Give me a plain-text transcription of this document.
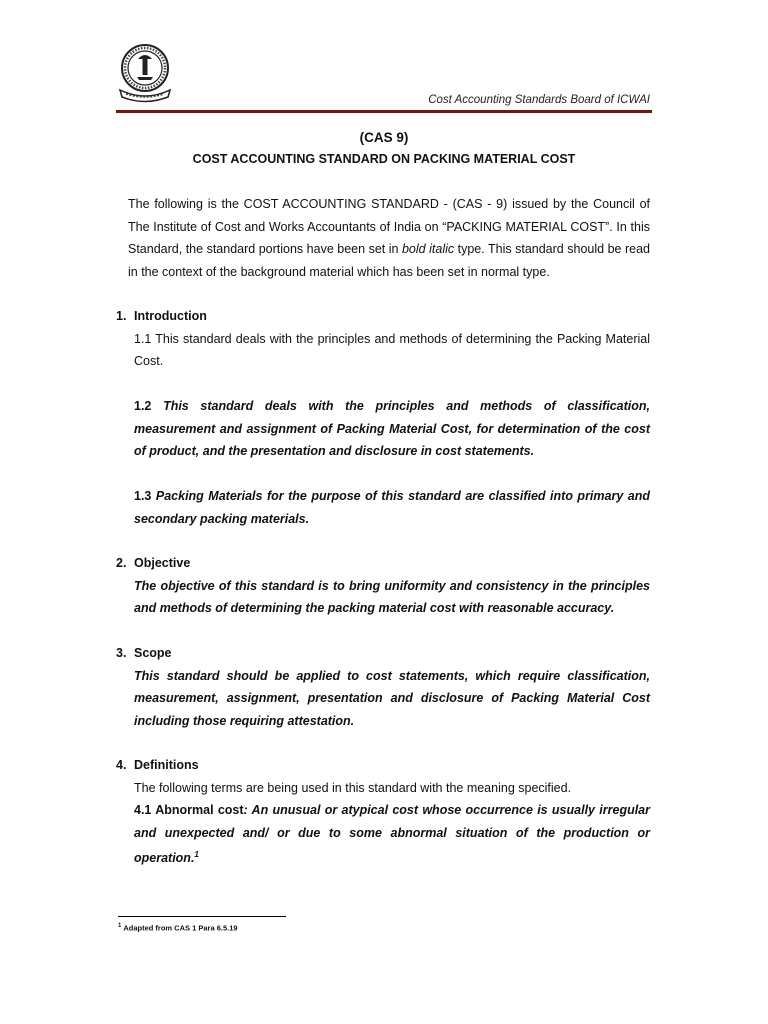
Cost Accounting Standards Board of ICWAI
(CAS 9)
COST ACCOUNTING STANDARD ON PACKING MATERIAL COST
The following is the COST ACCOUNTING STANDARD - (CAS - 9) issued by the Council of The Institute of Cost and Works Accountants of India on “PACKING MATERIAL COST”. In this Standard, the standard portions have been set in bold italic type. This standard should be read in the context of the background material which has been set in normal type.
1. Introduction
1.1 This standard deals with the principles and methods of determining the Packing Material Cost.
1.2 This standard deals with the principles and methods of classification, measurement and assignment of Packing Material Cost, for determination of the cost of product, and the presentation and disclosure in cost statements.
1.3 Packing Materials for the purpose of this standard are classified into primary and secondary packing materials.
2. Objective
The objective of this standard is to bring uniformity and consistency in the principles and methods of determining the packing material cost with reasonable accuracy.
3. Scope
This standard should be applied to cost statements, which require classification, measurement, assignment, presentation and disclosure of Packing Material Cost including those requiring attestation.
4. Definitions
The following terms are being used in this standard with the meaning specified.
4.1 Abnormal cost: An unusual or atypical cost whose occurrence is usually irregular and unexpected and/ or due to some abnormal situation of the production or operation.$^1$
$^1$ Adapted from CAS 1 Para 6.5.19
